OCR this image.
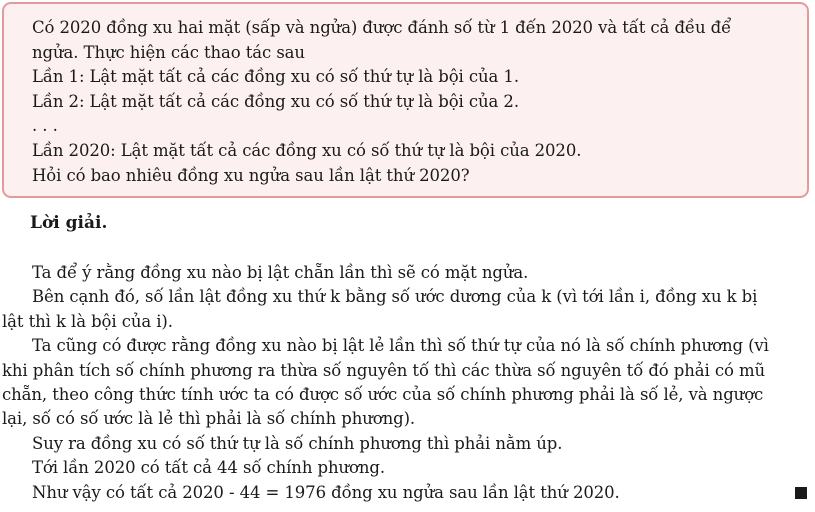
Có 2020 đồng xu hai mặt (sấp và ngửa) được đánh số từ 1 đến 2020 và tất cả đều để
ngửa. Thực hiện các thao tác sau
Lần 1: Lật mặt tất cả các đồng xu có số thứ tự là bội của 1.
Lần 2: Lật mặt tất cả các đồng xu có số thứ tự là bội của 2.
. . .
Lần 2020: Lật mặt tất cả các đồng xu có số thứ tự là bội của 2020.
Hỏi có bao nhiêu đồng xu ngửa sau lần lật thứ 2020?
Lời giải.
Ta để ý rằng đồng xu nào bị lật chẵn lần thì sẽ có mặt ngửa.
Bên cạnh đó, số lần lật đồng xu thứ k bằng số ước dương của k (vì tới lần i, đồng xu k bị
lật thì k là bội của i).
Ta cũng có được rằng đồng xu nào bị lật lẻ lần thì số thứ tự của nó là số chính phương (vì
khi phân tích số chính phương ra thừa số nguyên tố thì các thừa số nguyên tố đó phải có mũ
chẵn, theo công thức tính ước ta có được số ước của số chính phương phải là số lẻ, và ngược
lại, số có số ước là lẻ thì phải là số chính phương).
Suy ra đồng xu có số thứ tự là số chính phương thì phải nằm úp.
Tới lần 2020 có tất cả 44 số chính phương.
Như vậy có tất cả 2020 - 44 = 1976 đồng xu ngửa sau lần lật thứ 2020.
